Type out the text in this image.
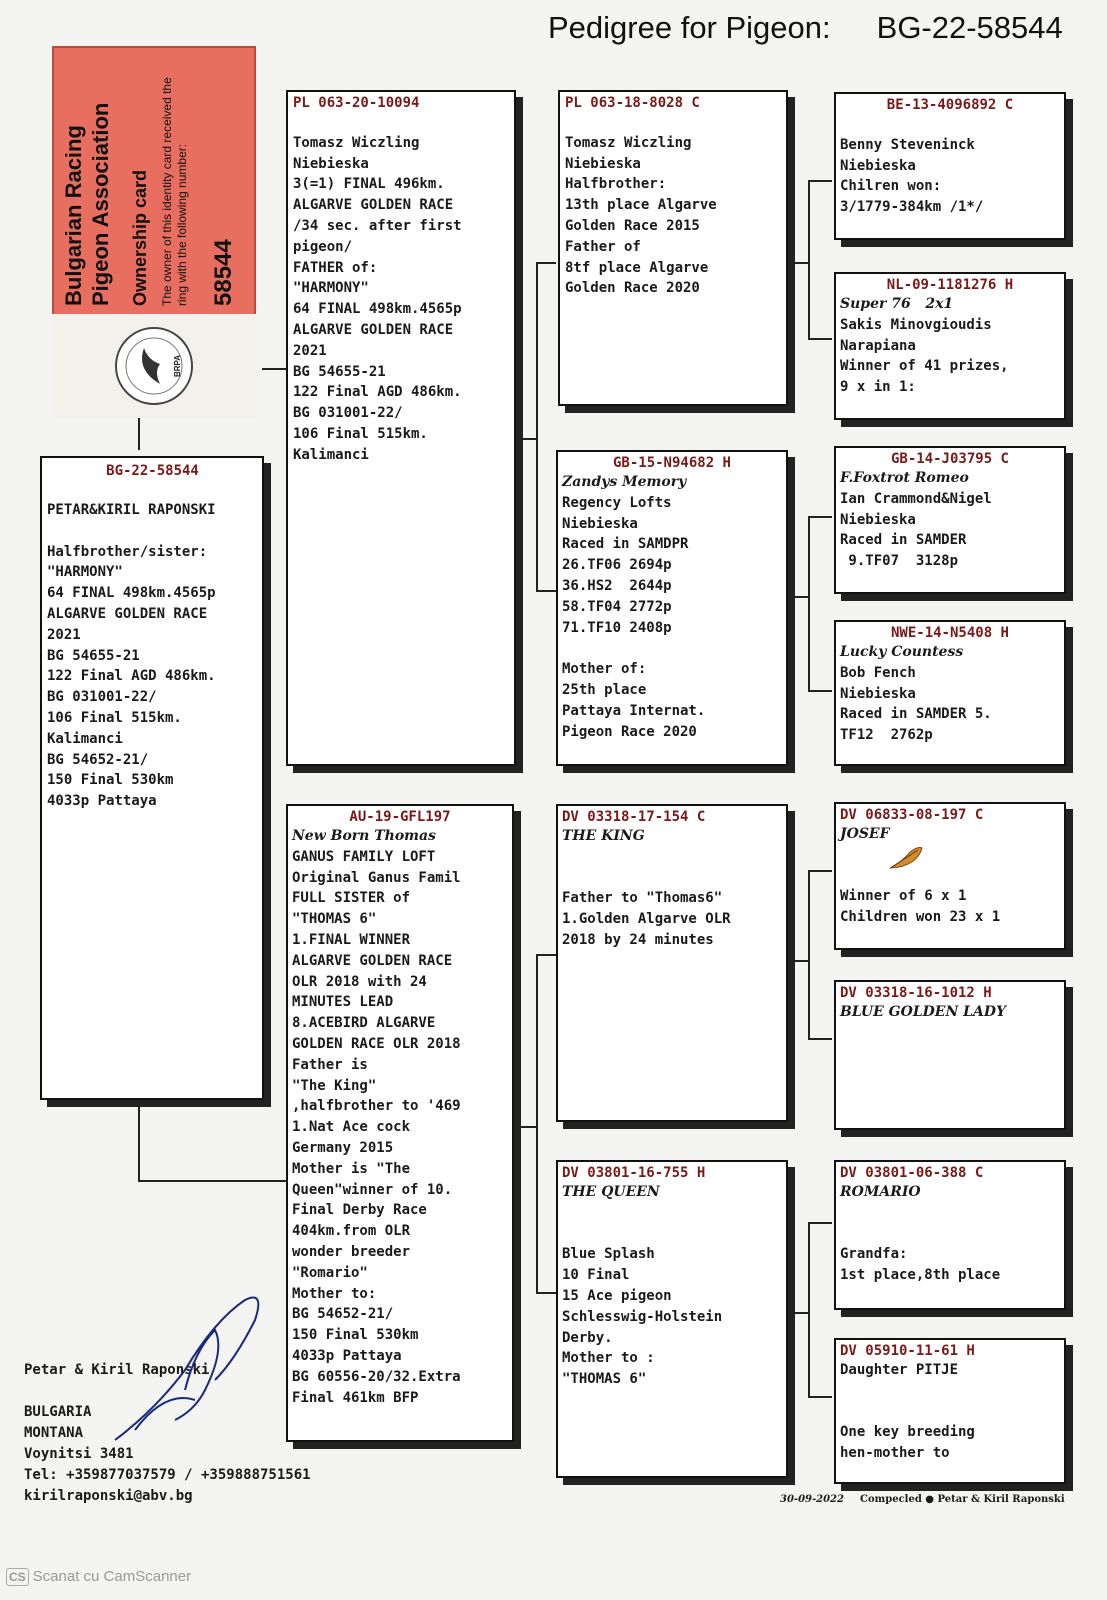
Pedigree for Pigeon: BG-22-58544
BRPA
Bulgarian Racing Pigeon Association Ownership card The owner of this identity card received the ring with the following number: 58544
BG-22-58544
PETAR&KIRIL RAPONSKI

Halfbrother/sister:
"HARMONY"
64 FINAL 498km.4565p
ALGARVE GOLDEN RACE
2021
BG 54655-21
122 Final AGD 486km.
BG 031001-22/
106 Final 515km.
Kalimanci
BG 54652-21/
150 Final 530km
4033p Pattaya
PL 063-20-10094

Tomasz Wiczling
Niebieska
3(=1) FINAL 496km.
ALGARVE GOLDEN RACE
/34 sec. after first
pigeon/
FATHER of:
"HARMONY"
64 FINAL 498km.4565p
ALGARVE GOLDEN RACE
2021
BG 54655-21
122 Final AGD 486km.
BG 031001-22/
106 Final 515km.
Kalimanci
AU-19-GFL197
New Born Thomas
GANUS FAMILY LOFT
Original Ganus Famil
FULL SISTER of
"THOMAS 6"
1.FINAL WINNER
ALGARVE GOLDEN RACE
OLR 2018 with 24
MINUTES LEAD
8.ACEBIRD ALGARVE
GOLDEN RACE OLR 2018
Father is
"The King"
,halfbrother to '469
1.Nat Ace cock
Germany 2015
Mother is "The
Queen"winner of 10.
Final Derby Race
404km.from OLR
wonder breeder
"Romario"
Mother to:
BG 54652-21/
150 Final 530km
4033p Pattaya
BG 60556-20/32.Extra
Final 461km BFP
PL 063-18-8028 C

Tomasz Wiczling
Niebieska
Halfbrother:
13th place Algarve
Golden Race 2015
Father of
8tf place Algarve
Golden Race 2020
GB-15-N94682 H
Zandys Memory
Regency Lofts
Niebieska
Raced in SAMDPR
26.TF06 2694p
36.HS2  2644p
58.TF04 2772p
71.TF10 2408p

Mother of:
25th place
Pattaya Internat.
Pigeon Race 2020
DV 03318-17-154 C
THE KING

Father to "Thomas6"
1.Golden Algarve OLR
2018 by 24 minutes
DV 03801-16-755 H
THE QUEEN

Blue Splash
10 Final
15 Ace pigeon
Schlesswig-Holstein
Derby.
Mother to :
"THOMAS 6"
BE-13-4096892 C

Benny Steveninck
Niebieska
Chilren won:
3/1779-384km /1*/
NL-09-1181276 H
Super 76   2x1
Sakis Minovgioudis
Narapiana
Winner of 41 prizes,
9 x in 1:
GB-14-J03795 C
F.Foxtrot Romeo
Ian Crammond&Nigel
Niebieska
Raced in SAMDER
9.TF07  3128p
NWE-14-N5408 H
Lucky Countess
Bob Fench
Niebieska
Raced in SAMDER 5.
TF12  2762p
DV 06833-08-197 C
JOSEF

Winner of 6 x 1
Children won 23 x 1
DV 03318-16-1012 H
BLUE GOLDEN LADY
DV 03801-06-388 C
ROMARIO

Grandfa:
1st place,8th place
DV 05910-11-61 H
Daughter PITJE

One key breeding
hen-mother to
Petar & Kiril Raponski

BULGARIA
MONTANA
Voynitsi 3481
Tel: +359877037579 / +359888751561
kirilraponski@abv.bg	30-09-2022 Compecled ● Petar & Kiril Raponski
CS Scanat cu CamScanner
